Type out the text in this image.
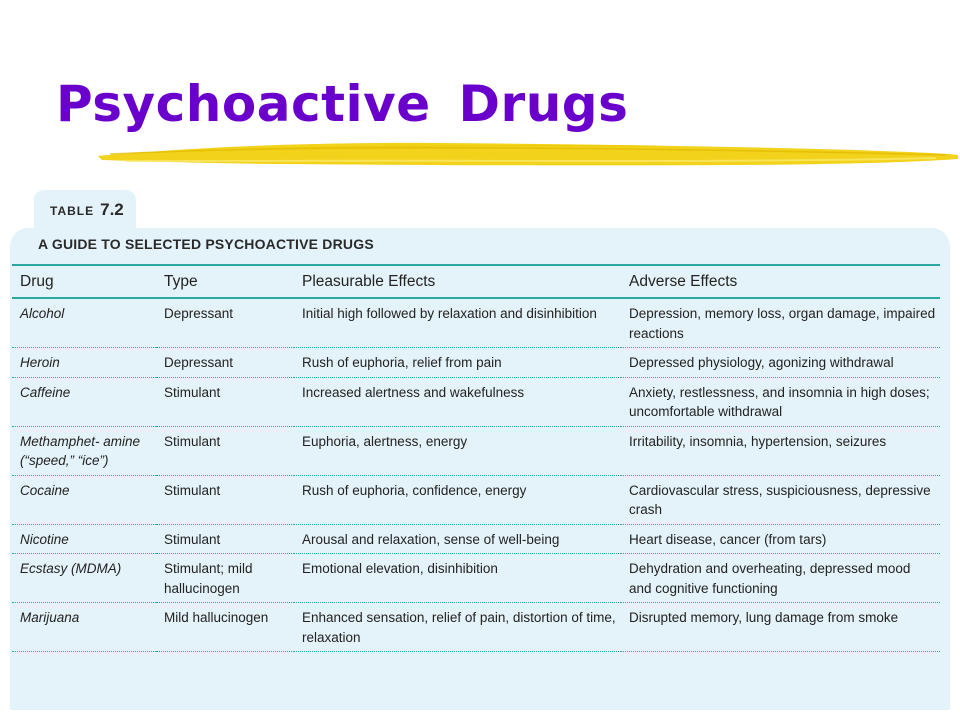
Psychoactive Drugs
TABLE 7.2
A GUIDE TO SELECTED PSYCHOACTIVE DRUGS
Drug	Type	Pleasurable Effects	Adverse Effects
Alcohol	Depressant	Initial high followed by relaxation and disinhibition	Depression, memory loss, organ damage, impaired reactions
Heroin	Depressant	Rush of euphoria, relief from pain	Depressed physiology, agonizing withdrawal
Caffeine	Stimulant	Increased alertness and wakefulness	Anxiety, restlessness, and insomnia in high doses; uncomfortable withdrawal
Methamphet- amine (“speed,” “ice”)	Stimulant	Euphoria, alertness, energy	Irritability, insomnia, hypertension, seizures
Cocaine	Stimulant	Rush of euphoria, confidence, energy	Cardiovascular stress, suspiciousness, depressive crash
Nicotine	Stimulant	Arousal and relaxation, sense of well-being	Heart disease, cancer (from tars)
Ecstasy (MDMA)	Stimulant; mild hallucinogen	Emotional elevation, disinhibition	Dehydration and overheating, depressed mood and cognitive functioning
Marijuana	Mild hallucinogen	Enhanced sensation, relief of pain, distortion of time, relaxation	Disrupted memory, lung damage from smoke
